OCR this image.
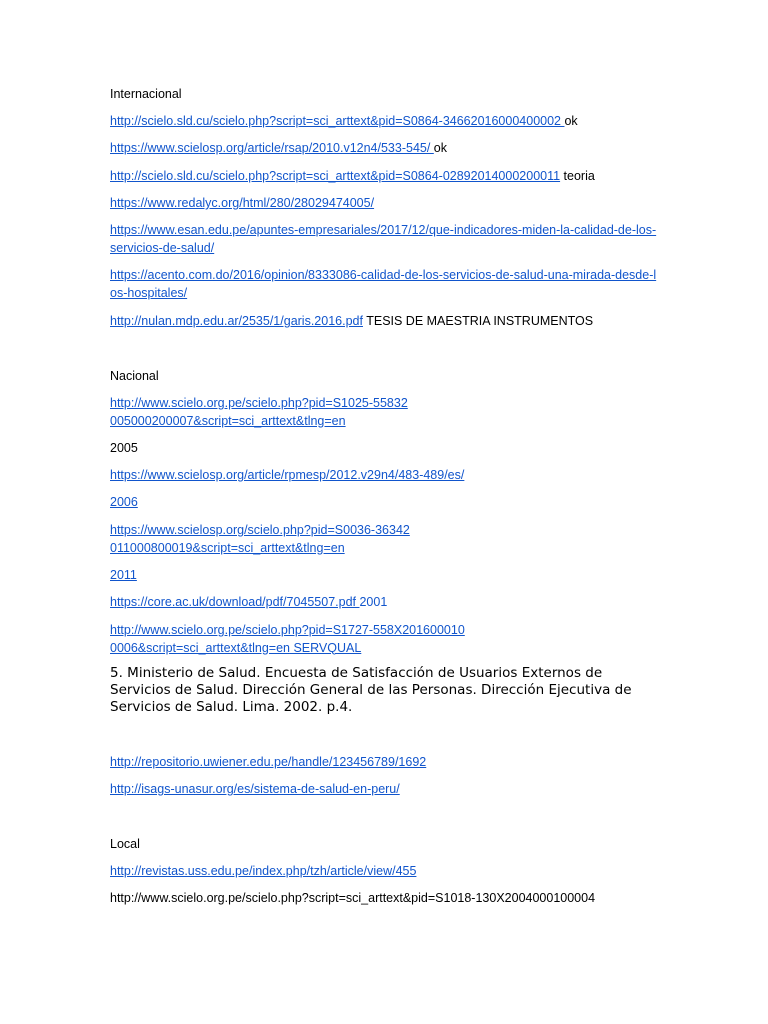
Internacional
http://scielo.sld.cu/scielo.php?script=sci_arttext&pid=S0864-34662016000400002 ok
https://www.scielosp.org/article/rsap/2010.v12n4/533-545/ ok
http://scielo.sld.cu/scielo.php?script=sci_arttext&pid=S0864-02892014000200011 teoria
https://www.redalyc.org/html/280/28029474005/
https://www.esan.edu.pe/apuntes-empresariales/2017/12/que-indicadores-miden-la-calidad-de-los-servicios-de-salud/
https://acento.com.do/2016/opinion/8333086-calidad-de-los-servicios-de-salud-una-mirada-desde-los-hospitales/
http://nulan.mdp.edu.ar/2535/1/garis.2016.pdf TESIS DE MAESTRIA INSTRUMENTOS
Nacional
http://www.scielo.org.pe/scielo.php?pid=S1025-55832005000200007&script=sci_arttext&tlng=en
2005
https://www.scielosp.org/article/rpmesp/2012.v29n4/483-489/es/
2006
https://www.scielosp.org/scielo.php?pid=S0036-36342011000800019&script=sci_arttext&tlng=en
2011
https://core.ac.uk/download/pdf/7045507.pdf 2001
http://www.scielo.org.pe/scielo.php?pid=S1727-558X2016000100006&script=sci_arttext&tlng=en SERVQUAL
5. Ministerio de Salud. Encuesta de Satisfacción de Usuarios Externos de Servicios de Salud. Dirección General de las Personas. Dirección Ejecutiva de Servicios de Salud. Lima. 2002. p.4.
http://repositorio.uwiener.edu.pe/handle/123456789/1692
http://isags-unasur.org/es/sistema-de-salud-en-peru/
Local
http://revistas.uss.edu.pe/index.php/tzh/article/view/455
http://www.scielo.org.pe/scielo.php?script=sci_arttext&pid=S1018-130X2004000100004
